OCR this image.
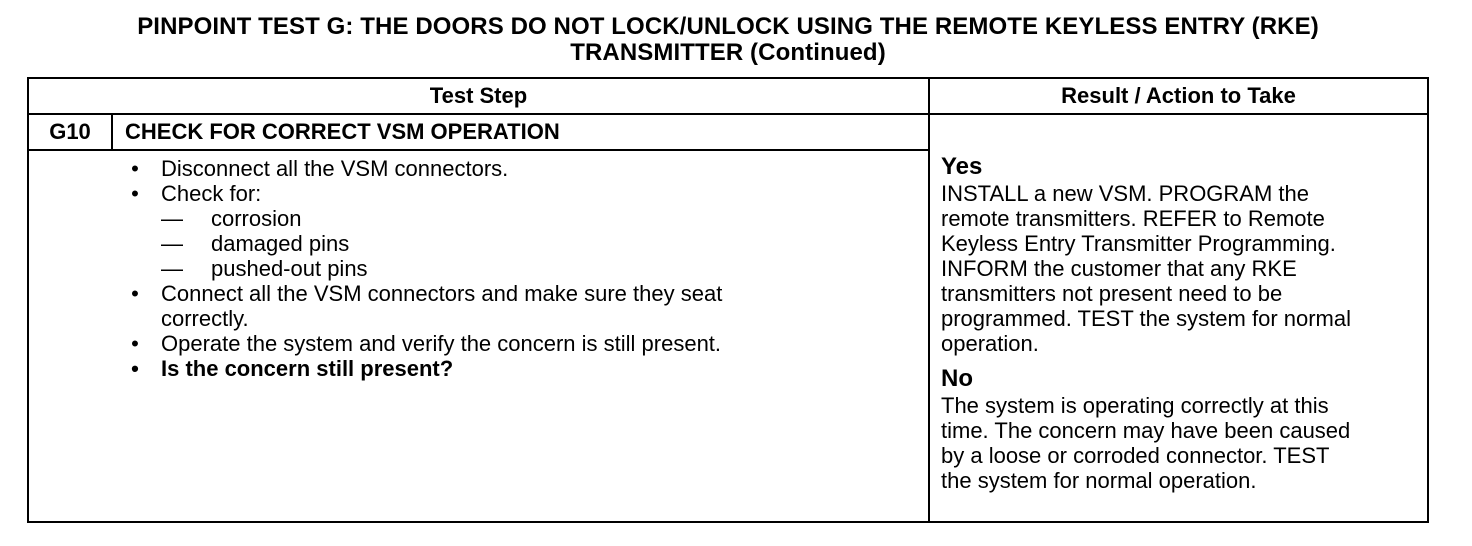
PINPOINT TEST G: THE DOORS DO NOT LOCK/UNLOCK USING THE REMOTE KEYLESS ENTRY (RKE)
TRANSMITTER (Continued)
Test Step	Result / Action to Take
G10	CHECK FOR CORRECT VSM OPERATION
• Disconnect all the VSM connectors.
• Check for:
— corrosion
— damaged pins
— pushed-out pins
• Connect all the VSM connectors and make sure they seat
correctly.
• Operate the system and verify the concern is still present.
• Is the concern still present?
Yes
INSTALL a new VSM. PROGRAM the
remote transmitters. REFER to Remote
Keyless Entry Transmitter Programming.
INFORM the customer that any RKE
transmitters not present need to be
programmed. TEST the system for normal
operation.
No
The system is operating correctly at this
time. The concern may have been caused
by a loose or corroded connector. TEST
the system for normal operation.
